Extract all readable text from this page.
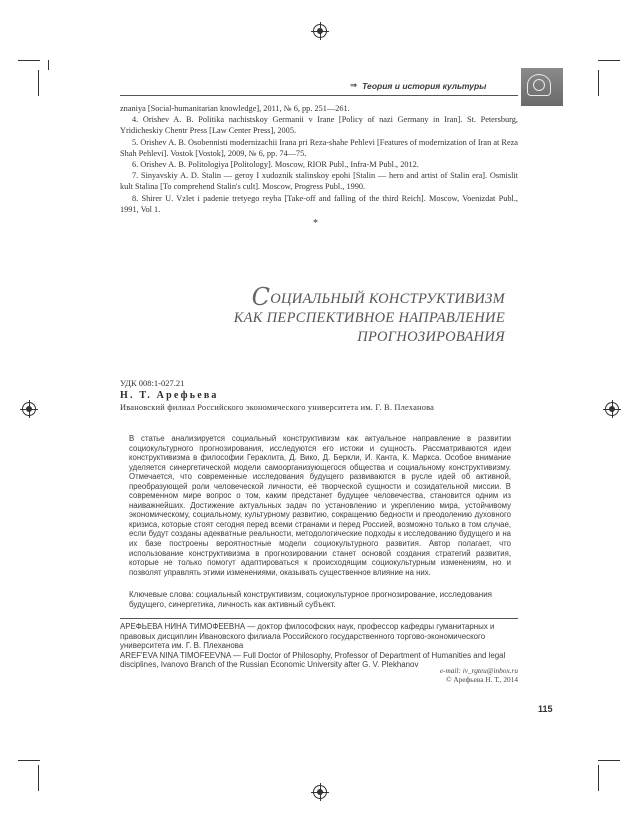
⇒ Теория и история культуры

znaniya [Social-humanitarian knowledge], 2011, № 6, pp. 251—261.

4. Orishev A. B. Politika nachistskoy Germanii v Irane [Policy of nazi Germany in Iran]. St. Petersburg, Yridicheskiy Chentr Press [Law Center Press], 2005.

5. Orishev A. B. Osobennisti modernizachii Irana pri Reza-shahe Pehlevi [Features of modernization of Iran at Reza Shah Pehlevi]. Vostok [Vostok], 2009, № 6, pp. 74—75.

6. Orishev A. B. Politologiya [Politology]. Moscow, RIOR Publ., Infra-M Publ., 2012.

7. Sinyavskiy A. D. Stalin — geroy I xudoznik stalinskoy epohi [Stalin — hero and artist of Stalin era]. Osmislit kult Stalina [To comprehend Stalin's cult]. Moscow, Progress Publ., 1990.

8. Shirer U. Vzlet i padenie tretyego reyba [Take-off and falling of the third Reich]. Moscow, Voenizdat Publ., 1991, Vol 1.

*
СОЦИАЛЬНЫЙ КОНСТРУКТИВИЗМ
КАК ПЕРСПЕКТИВНОЕ НАПРАВЛЕНИЕ
ПРОГНОЗИРОВАНИЯ
УДК 008:1-027.21
Н. Т. Арефьева
Ивановский филиал Российского экономического университета им. Г. В. Плеханова
В статье анализируется социальный конструктивизм как актуальное направление в развитии социокультурного прогнозирования, исследуются его истоки и сущность. Рассматриваются идеи конструктивизма в философии Гераклита, Д. Вико, Д. Беркли, И. Канта, К. Маркса. Особое внимание уделяется синергетической модели самоорганизующегося общества и социальному конструктивизму. Отмечается, что современные исследования будущего развиваются в русле идей об активной, преобразующей роли человеческой личности, её творческой сущности и созидательной миссии. В современном мире вопрос о том, каким предстанет будущее человечества, становится одним из наиважнейших. Достижение актуальных задач по установлению и укреплению мира, устойчивому экономическому, социальному, культурному развитию, сокращению бедности и преодолению духовного кризиса, которые стоят сегодня перед всеми странами и перед Россией, возможно только в том случае, если будут созданы адекватные реальности, методологические подходы к исследованию будущего и на их базе построены вероятностные модели социокультурного развития. Автор полагает, что использование конструктивизма в прогнозировании станет основой создания стратегий развития, которые не только помогут адаптироваться к происходящим социокультурным изменениям, но и позволят управлять этими изменениями, оказывать существенное влияние на них.
Ключевые слова: социальный конструктивизм, социокультурное прогнозирование, исследования будущего, синергетика, личность как активный субъект.

АРЕФЬЕВА НИНА ТИМОФЕЕВНА — доктор философских наук, профессор кафедры гуманитарных и правовых дисциплин Ивановского филиала Российского государственного торгово-экономического университета им. Г. В. Плеханова

AREF'EVA NINA TIMOFEEVNA — Full Doctor of Philosophy, Professor of Department of Humanities and legal disciplines, Ivanovo Branch of the Russian Economic University after G. V. Plekhanov

e-mail: iv_rgteu@inbox.ru
© Арефьева Н. Т., 2014
115
